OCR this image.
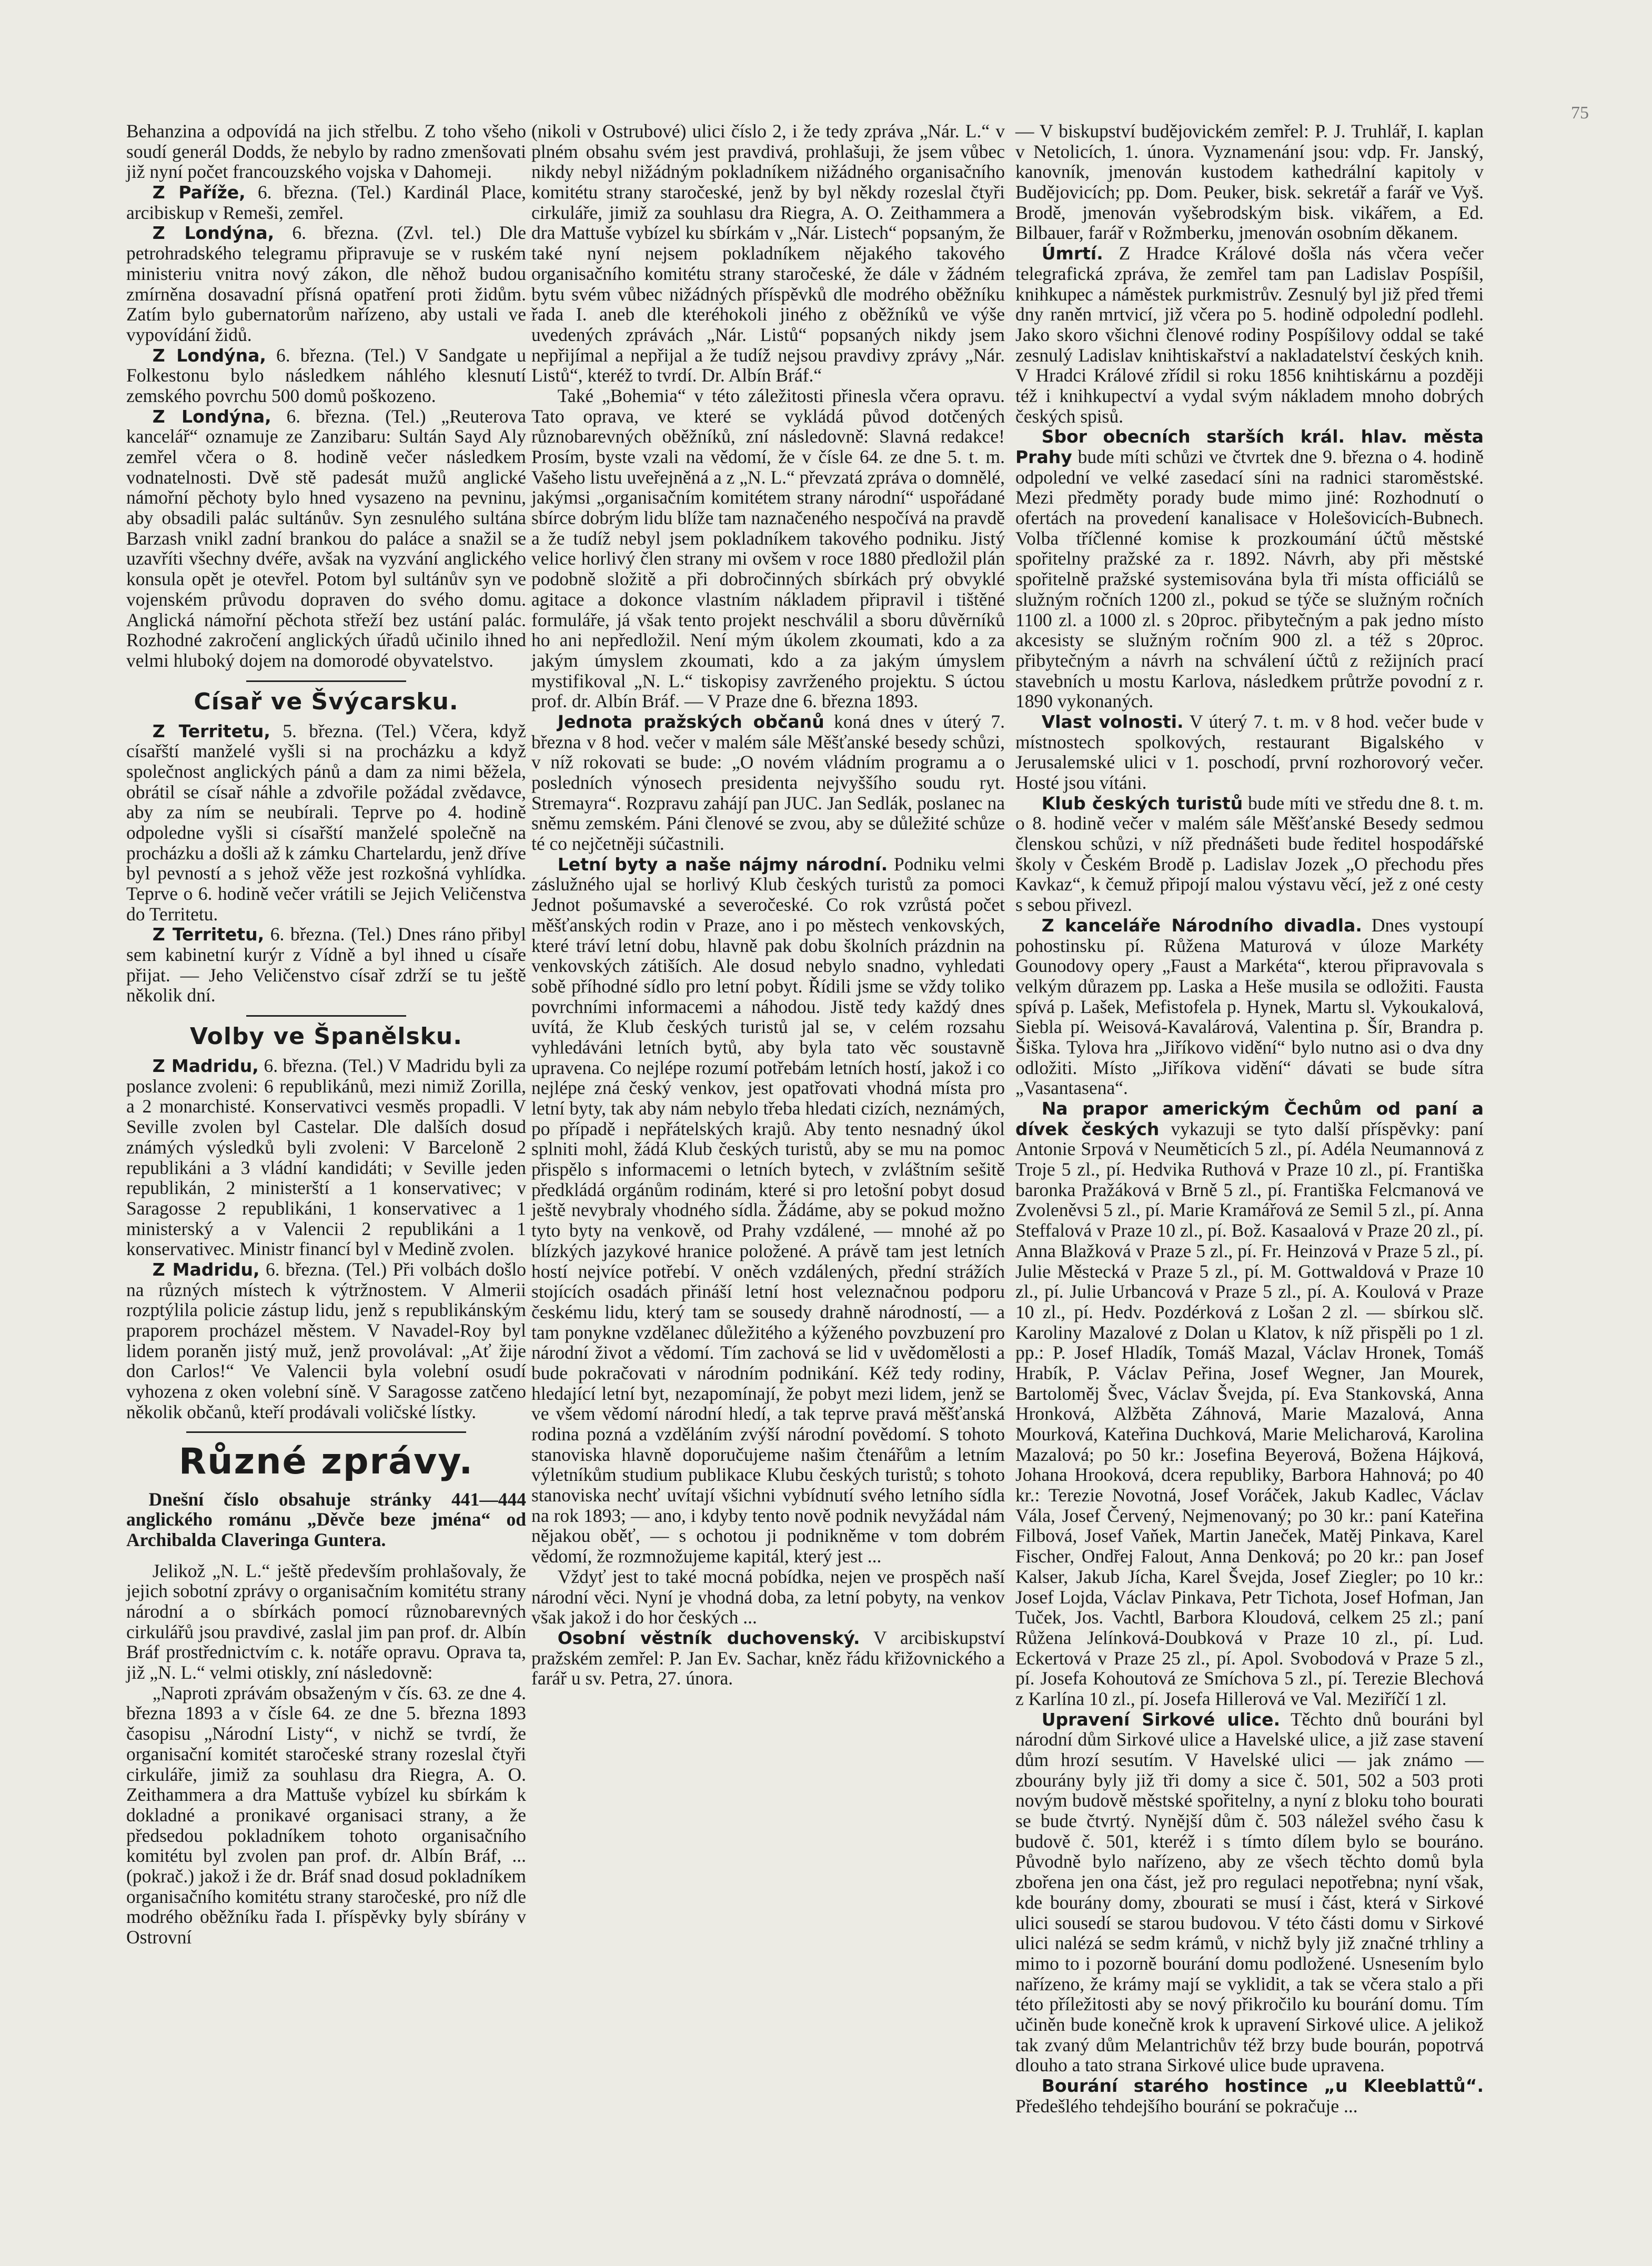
75

Behanzina a odpovídá na jich střelbu. Z toho všeho soudí generál Dodds, že nebylo by radno zmenšovati již nyní počet francouzského vojska v Dahomeji.

Z Paříže, 6. března. (Tel.) Kardinál Place, arcibiskup v Remeši, zemřel.

Z Londýna, 6. března. (Zvl. tel.) Dle petrohradského telegramu připravuje se v ruském ministeriu vnitra nový zákon, dle něhož budou zmírněna dosavadní přísná opatření proti židům. Zatím bylo gubernatorům nařízeno, aby ustali ve vypovídání židů.

Z Londýna, 6. března. (Tel.) V Sandgate u Folkestonu bylo následkem náhlého klesnutí zemského povrchu 500 domů poškozeno.

Z Londýna, 6. března. (Tel.) „Reuterova kancelář“ oznamuje ze Zanzibaru: Sultán Sayd Aly zemřel včera o 8. hodině večer následkem vodnatelnosti. Dvě stě padesát mužů anglické námořní pěchoty bylo hned vysazeno na pevninu, aby obsadili palác sultánův. Syn zesnulého sultána Barzash vnikl zadní brankou do paláce a snažil se uzavříti všechny dvéře, avšak na vyzvání anglického konsula opět je otevřel. Potom byl sultánův syn ve vojenském průvodu dopraven do svého domu. Anglická námořní pěchota střeží bez ustání palác. Rozhodné zakročení anglických úřadů učinilo ihned velmi hluboký dojem na domorodé obyvatelstvo.

Císař ve Švýcarsku.

Z Territetu, 5. března. (Tel.) Včera, když císařští manželé vyšli si na procházku a když společnost anglických pánů a dam za nimi běžela, obrátil se císař náhle a zdvořile požádal zvědavce, aby za ním se neubírali. Teprve po 4. hodině odpoledne vyšli si císařští manželé společně na procházku a došli až k zámku Chartelardu, jenž dříve byl pevností a s jehož věže jest rozkošná vyhlídka. Teprve o 6. hodině večer vrátili se Jejich Veličenstva do Territetu.

Z Territetu, 6. března. (Tel.) Dnes ráno přibyl sem kabinetní kurýr z Vídně a byl ihned u císaře přijat. — Jeho Veličenstvo císař zdrží se tu ještě několik dní.

Volby ve Španělsku.

Z Madridu, 6. března. (Tel.) V Madridu byli za poslance zvoleni: 6 republikánů, mezi nimiž Zorilla, a 2 monarchisté. Konservativci vesměs propadli. V Seville zvolen byl Castelar. Dle dalších dosud známých výsledků byli zvoleni: V Barceloně 2 republikáni a 3 vládní kandidáti; v Seville jeden republikán, 2 ministerští a 1 konservativec; v Saragosse 2 republikáni, 1 konservativec a 1 ministerský a v Valencii 2 republikáni a 1 konservativec. Ministr financí byl v Medině zvolen.

Z Madridu, 6. března. (Tel.) Při volbách došlo na různých místech k výtržnostem. V Almerii rozptýlila policie zástup lidu, jenž s republikánským praporem procházel městem. V Navadel-Roy byl lidem poraněn jistý muž, jenž provolával: „Ať žije don Carlos!“ Ve Valencii byla volební osudí vyhozena z oken volební síně. V Saragosse zatčeno několik občanů, kteří prodávali voličské lístky.

Různé zprávy.

Dnešní číslo obsahuje stránky 441—444 anglického románu „Děvče beze jména“ od Archibalda Claveringa Guntera.

Jelikož „N. L.“ ještě především prohlašovaly, že jejich sobotní zprávy o organisačním komitétu strany národní a o sbírkách pomocí různobarevných cirkulářů jsou pravdivé, zaslal jim pan prof. dr. Albín Bráf prostřednictvím c. k. notáře opravu. Oprava ta, již „N. L.“ velmi otiskly, zní následovně:

„Naproti zprávám obsaženým v čís. 63. ze dne 4. března 1893 a v čísle 64. ze dne 5. března 1893 časopisu „Národní Listy“, v nichž se tvrdí, že organisační komitét staročeské strany rozeslal čtyři cirkuláře, jimiž za souhlasu dra Riegra, A. O. Zeithammera a dra Mattuše vybízel ku sbírkám k dokladné a pronikavé organisaci strany, a že předsedou pokladníkem tohoto organisačního komitétu byl zvolen pan prof. dr. Albín Bráf, ...(pokrač.) jakož i že dr. Bráf snad dosud pokladníkem organisačního komitétu strany staročeské, pro níž dle modrého oběžníku řada I. příspěvky byly sbírány v Ostrovní

(nikoli v Ostrubové) ulici číslo 2, i že tedy zpráva „Nár. L.“ v plném obsahu svém jest pravdivá, prohlašuji, že jsem vůbec nikdy nebyl nižádným pokladníkem nižádného organisačního komitétu strany staročeské, jenž by byl někdy rozeslal čtyři cirkuláře, jimiž za souhlasu dra Riegra, A. O. Zeithammera a dra Mattuše vybízel ku sbírkám v „Nár. Listech“ popsaným, že také nyní nejsem pokladníkem nějakého takového organisačního komitétu strany staročeské, že dále v žádném bytu svém vůbec nižádných příspěvků dle modrého oběžníku řada I. aneb dle kteréhokoli jiného z oběžníků ve výše uvedených zprávách „Nár. Listů“ popsaných nikdy jsem nepřijímal a nepřijal a že tudíž nejsou pravdivy zprávy „Nár. Listů“, kteréž to tvrdí. Dr. Albín Bráf.“

Také „Bohemia“ v této záležitosti přinesla včera opravu. Tato oprava, ve které se vykládá původ dotčených různobarevných oběžníků, zní následovně: Slavná redakce! Prosím, byste vzali na vědomí, že v čísle 64. ze dne 5. t. m. Vašeho listu uveřejněná a z „N. L.“ převzatá zpráva o domnělé, jakýmsi „organisačním komitétem strany národní“ uspořádané sbírce dobrým lidu blíže tam naznačeného nespočívá na pravdě a že tudíž nebyl jsem pokladníkem takového podniku. Jistý velice horlivý člen strany mi ovšem v roce 1880 předložil plán podobně složitě a při dobročinných sbírkách prý obvyklé agitace a dokonce vlastním nákladem připravil i tištěné formuláře, já však tento projekt neschválil a sboru důvěrníků ho ani nepředložil. Není mým úkolem zkoumati, kdo a za jakým úmyslem zkoumati, kdo a za jakým úmyslem mystifikoval „N. L.“ tiskopisy zavrženého projektu. S úctou prof. dr. Albín Bráf. — V Praze dne 6. března 1893.

Jednota pražských občanů koná dnes v úterý 7. března v 8 hod. večer v malém sále Měšťanské besedy schůzi, v níž rokovati se bude: „O novém vládním programu a o posledních výnosech presidenta nejvyššího soudu ryt. Stremayra“. Rozpravu zahájí pan JUC. Jan Sedlák, poslanec na sněmu zemském. Páni členové se zvou, aby se důležité schůze té co nejčetněji súčastnili.

Letní byty a naše nájmy národní. Podniku velmi záslužného ujal se horlivý Klub českých turistů za pomoci Jednot pošumavské a severočeské. Co rok vzrůstá počet měšťanských rodin v Praze, ano i po městech venkovských, které tráví letní dobu, hlavně pak dobu školních prázdnin na venkovských zátiších. Ale dosud nebylo snadno, vyhledati sobě příhodné sídlo pro letní pobyt. Řídili jsme se vždy toliko povrchními informacemi a náhodou. Jistě tedy každý dnes uvítá, že Klub českých turistů jal se, v celém rozsahu vyhledáváni letních bytů, aby byla tato věc soustavně upravena. Co nejlépe rozumí potřebám letních hostí, jakož i co nejlépe zná český venkov, jest opatřovati vhodná místa pro letní byty, tak aby nám nebylo třeba hledati cizích, neznámých, po případě i nepřátelských krajů. Aby tento nesnadný úkol splniti mohl, žádá Klub českých turistů, aby se mu na pomoc přispělo s informacemi o letních bytech, v zvláštním sešitě předkládá orgánům rodinám, které si pro letošní pobyt dosud ještě nevybraly vhodného sídla. Žádáme, aby se pokud možno tyto byty na venkově, od Prahy vzdálené, — mnohé až po blízkých jazykové hranice položené. A právě tam jest letních hostí nejvíce potřebí. V oněch vzdálených, přední strážích stojících osadách přináší letní host veleznačnou podporu českému lidu, který tam se sousedy drahně národností, — a tam ponykne vzdělanec důležitého a kýženého povzbuzení pro národní život a vědomí. Tím zachová se lid v uvědomělosti a bude pokračovati v národním podnikání. Kéž tedy rodiny, hledající letní byt, nezapomínají, že pobyt mezi lidem, jenž se ve všem vědomí národní hledí, a tak teprve pravá měšťanská rodina pozná a vzděláním zvýší národní povědomí. S tohoto stanoviska hlavně doporučujeme našim čtenářům a letním výletníkům studium publikace Klubu českých turistů; s tohoto stanoviska nechť uvítají všichni vybídnutí svého letního sídla na rok 1893; — ano, i kdyby tento nově podnik nevyžádal nám nějakou oběť, — s ochotou ji podnikněme v tom dobrém vědomí, že rozmnožujeme kapitál, který jest ...

Vždyť jest to také mocná pobídka, nejen ve prospěch naší národní věci. Nyní je vhodná doba, za letní pobyty, na venkov však jakož i do hor českých ...

Osobní věstník duchovenský. V arcibiskupství pražském zemřel: P. Jan Ev. Sachar, kněz řádu křižovnického a farář u sv. Petra, 27. února.

— V biskupství budějovickém zemřel: P. J. Truhlář, I. kaplan v Netolicích, 1. února. Vyznamenání jsou: vdp. Fr. Janský, kanovník, jmenován kustodem kathedrální kapitoly v Budějovicích; pp. Dom. Peuker, bisk. sekretář a farář ve Vyš. Brodě, jmenován vyšebrodským bisk. vikářem, a Ed. Bilbauer, farář v Rožmberku, jmenován osobním děkanem.

Úmrtí. Z Hradce Králové došla nás včera večer telegrafická zpráva, že zemřel tam pan Ladislav Pospíšil, knihkupec a náměstek purkmistrův. Zesnulý byl již před třemi dny raněn mrtvicí, již včera po 5. hodině odpolední podlehl. Jako skoro všichni členové rodiny Pospíšilovy oddal se také zesnulý Ladislav knihtiskařství a nakladatelství českých knih. V Hradci Králové zřídil si roku 1856 knihtiskárnu a později též i knihkupectví a vydal svým nákladem mnoho dobrých českých spisů.

Sbor obecních starších král. hlav. města Prahy bude míti schůzi ve čtvrtek dne 9. března o 4. hodině odpolední ve velké zasedací síni na radnici staroměstské. Mezi předměty porady bude mimo jiné: Rozhodnutí o ofertách na provedení kanalisace v Holešovicích-Bubnech. Volba tříčlenné komise k prozkoumání účtů městské spořitelny pražské za r. 1892. Návrh, aby při městské spořitelně pražské systemisována byla tři místa officiálů se služným ročních 1200 zl., pokud se týče se služným ročních 1100 zl. a 1000 zl. s 20proc. přibytečným a pak jedno místo akcesisty se služným ročním 900 zl. a též s 20proc. přibytečným a návrh na schválení účtů z režijních prací stavebních u mostu Karlova, následkem průtrže povodní z r. 1890 vykonaných.

Vlast volnosti. V úterý 7. t. m. v 8 hod. večer bude v místnostech spolkových, restaurant Bigalského v Jerusalemské ulici v 1. poschodí, první rozhorovorý večer. Hosté jsou vítáni.

Klub českých turistů bude míti ve středu dne 8. t. m. o 8. hodině večer v malém sále Měšťanské Besedy sedmou členskou schůzi, v níž přednášeti bude ředitel hospodářské školy v Českém Brodě p. Ladislav Jozek „O přechodu přes Kavkaz“, k čemuž připojí malou výstavu věcí, jež z oné cesty s sebou přivezl.

Z kanceláře Národního divadla. Dnes vystoupí pohostinsku pí. Růžena Maturová v úloze Markéty Gounodovy opery „Faust a Markéta“, kterou připravovala s velkým důrazem pp. Laska a Heše musila se odložiti. Fausta spívá p. Lašek, Mefistofela p. Hynek, Martu sl. Vykoukalová, Siebla pí. Weisová-Kavalárová, Valentina p. Šír, Brandra p. Šiška. Tylova hra „Jiříkovo vidění“ bylo nutno asi o dva dny odložiti. Místo „Jiříkova vidění“ dávati se bude sítra „Vasantasena“.

Na prapor americkým Čechům od paní a dívek českých vykazuji se tyto další příspěvky: paní Antonie Srpová v Neuměticích 5 zl., pí. Adéla Neumannová z Troje 5 zl., pí. Hedvika Ruthová v Praze 10 zl., pí. Františka baronka Pražáková v Brně 5 zl., pí. Františka Felcmanová ve Zvoleněvsi 5 zl., pí. Marie Kramářová ze Semil 5 zl., pí. Anna Steffalová v Praze 10 zl., pí. Bož. Kasaalová v Praze 20 zl., pí. Anna Blažková v Praze 5 zl., pí. Fr. Heinzová v Praze 5 zl., pí. Julie Městecká v Praze 5 zl., pí. M. Gottwaldová v Praze 10 zl., pí. Julie Urbancová v Praze 5 zl., pí. A. Koulová v Praze 10 zl., pí. Hedv. Pozdérková z Lošan 2 zl. — sbírkou slč. Karoliny Mazalové z Dolan u Klatov, k níž přispěli po 1 zl. pp.: P. Josef Hladík, Tomáš Mazal, Václav Hronek, Tomáš Hrabík, P. Václav Peřina, Josef Wegner, Jan Mourek, Bartoloměj Švec, Václav Švejda, pí. Eva Stankovská, Anna Hronková, Alžběta Záhnová, Marie Mazalová, Anna Mourková, Kateřina Duchková, Marie Melicharová, Karolina Mazalová; po 50 kr.: Josefina Beyerová, Božena Hájková, Johana Hrooková, dcera republiky, Barbora Hahnová; po 40 kr.: Terezie Novotná, Josef Voráček, Jakub Kadlec, Václav Vála, Josef Červený, Nejmenovaný; po 30 kr.: paní Kateřina Filbová, Josef Vaňek, Martin Janeček, Matěj Pinkava, Karel Fischer, Ondřej Falout, Anna Denková; po 20 kr.: pan Josef Kalser, Jakub Jícha, Karel Švejda, Josef Ziegler; po 10 kr.: Josef Lojda, Václav Pinkava, Petr Tichota, Josef Hofman, Jan Tuček, Jos. Vachtl, Barbora Kloudová, celkem 25 zl.; paní Růžena Jelínková-Doubková v Praze 10 zl., pí. Lud. Eckertová v Praze 25 zl., pí. Apol. Svobodová v Praze 5 zl., pí. Josefa Kohoutová ze Smíchova 5 zl., pí. Terezie Blechová z Karlína 10 zl., pí. Josefa Hillerová ve Val. Meziříčí 1 zl.

Upravení Sirkové ulice. Těchto dnů bouráni byl národní dům Sirkové ulice a Havelské ulice, a již zase stavení dům hrozí sesutím. V Havelské ulici — jak známo — zbourány byly již tři domy a sice č. 501, 502 a 503 proti novým budově městské spořitelny, a nyní z bloku toho bourati se bude čtvrtý. Nynější dům č. 503 náležel svého času k budově č. 501, kteréž i s tímto dílem bylo se bouráno. Původně bylo nařízeno, aby ze všech těchto domů byla zbořena jen ona část, jež pro regulaci nepotřebna; nyní však, kde bourány domy, zbourati se musí i část, která v Sirkové ulici sousedí se starou budovou. V této části domu v Sirkové ulici nalézá se sedm krámů, v nichž byly již značné trhliny a mimo to i pozorně bourání domu podložené. Usnesením bylo nařízeno, že krámy mají se vyklidit, a tak se včera stalo a při této příležitosti aby se nový přikročilo ku bourání domu. Tím učiněn bude konečně krok k upravení Sirkové ulice. A jelikož tak zvaný dům Melantrichův též brzy bude bourán, popotrvá dlouho a tato strana Sirkové ulice bude upravena.

Bourání starého hostince „u Kleeblattů“. Předešlého tehdejšího bourání se pokračuje ...
